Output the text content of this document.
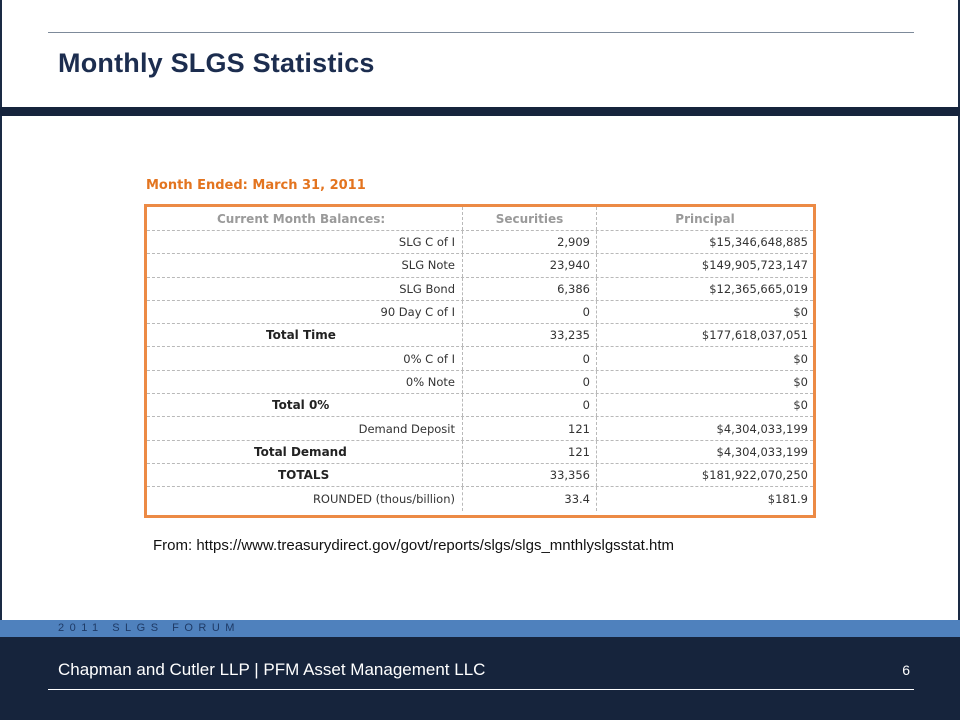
Monthly SLGS Statistics
Month Ended: March 31, 2011
Current Month Balances:	Securities	Principal
SLG C of I	2,909	$15,346,648,885
SLG Note	23,940	$149,905,723,147
SLG Bond	6,386	$12,365,665,019
90 Day C of I	0	$0
Total Time	33,235	$177,618,037,051
0% C of I	0	$0
0% Note	0	$0
Total 0%	0	$0
Demand Deposit	121	$4,304,033,199
Total Demand	121	$4,304,033,199
TOTALS	33,356	$181,922,070,250
ROUNDED (thous/billion)	33.4	$181.9
From: https://www.treasurydirect.gov/govt/reports/slgs/slgs_mnthlyslgsstat.htm
2011 SLGS FORUM
Chapman and Cutler LLP | PFM Asset Management LLC	6
